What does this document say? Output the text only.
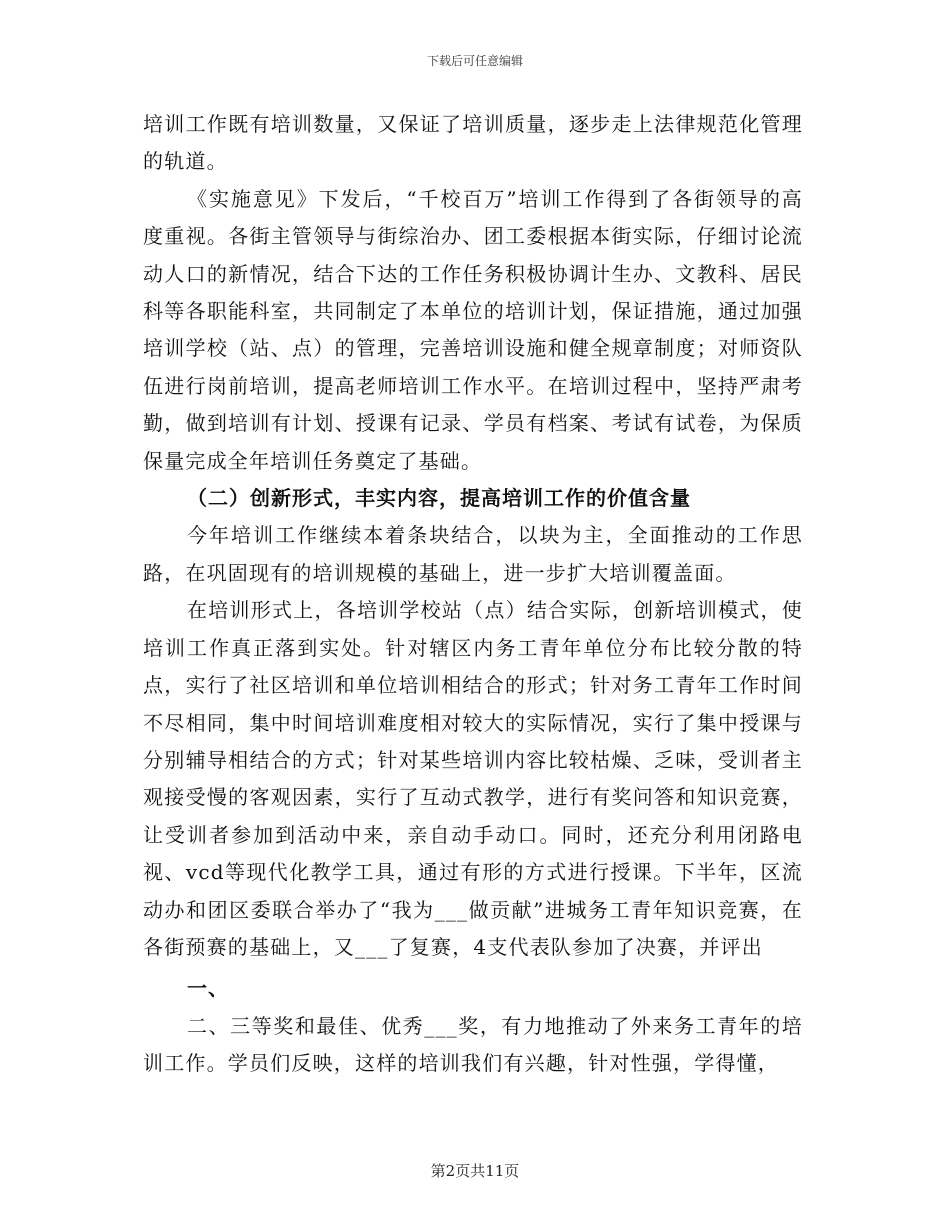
下载后可任意编辑

培训工作既有培训数量，又保证了培训质量，逐步走上法律规范化管理的轨道。

《实施意见》下发后，“千校百万”培训工作得到了各街领导的高度重视。各街主管领导与街综治办、团工委根据本街实际，仔细讨论流动人口的新情况，结合下达的工作任务积极协调计生办、文教科、居民科等各职能科室，共同制定了本单位的培训计划，保证措施，通过加强培训学校（站、点）的管理，完善培训设施和健全规章制度；对师资队伍进行岗前培训，提高老师培训工作水平。在培训过程中，坚持严肃考勤，做到培训有计划、授课有记录、学员有档案、考试有试卷，为保质保量完成全年培训任务奠定了基础。

（二）创新形式，丰实内容，提高培训工作的价值含量

今年培训工作继续本着条块结合，以块为主，全面推动的工作思路，在巩固现有的培训规模的基础上，进一步扩大培训覆盖面。

在培训形式上，各培训学校站（点）结合实际，创新培训模式，使培训工作真正落到实处。针对辖区内务工青年单位分布比较分散的特点，实行了社区培训和单位培训相结合的形式；针对务工青年工作时间不尽相同，集中时间培训难度相对较大的实际情况，实行了集中授课与分别辅导相结合的方式；针对某些培训内容比较枯燥、乏味，受训者主观接受慢的客观因素，实行了互动式教学，进行有奖问答和知识竞赛，让受训者参加到活动中来，亲自动手动口。同时，还充分利用闭路电视、vcd等现代化教学工具，通过有形的方式进行授课。下半年，区流动办和团区委联合举办了“我为___做贡献”进城务工青年知识竞赛，在各街预赛的基础上，又___了复赛，4支代表队参加了决赛，并评出

一、

二、三等奖和最佳、优秀___奖，有力地推动了外来务工青年的培训工作。学员们反映，这样的培训我们有兴趣，针对性强，学得懂，

第2页共11页
